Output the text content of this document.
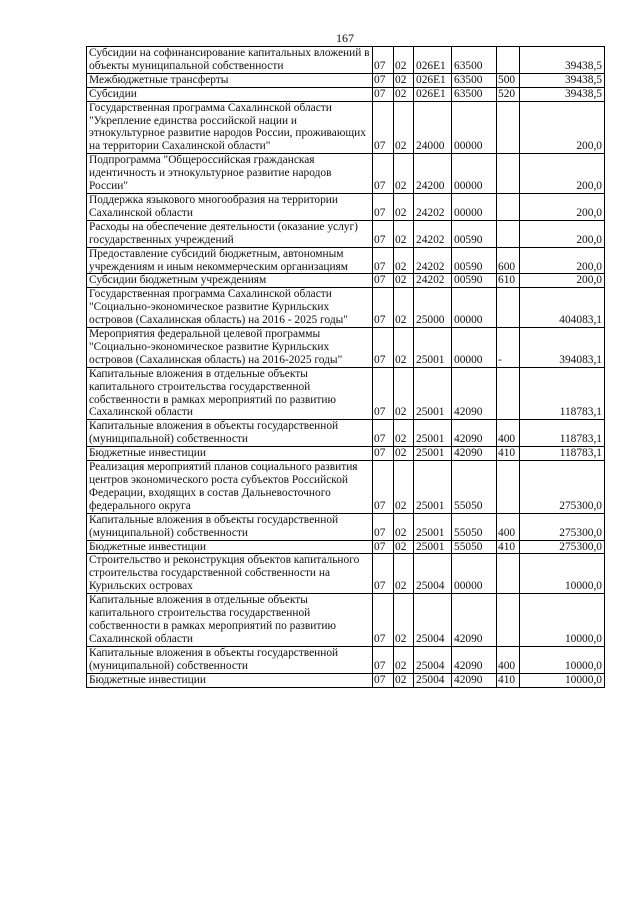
167
Субсидии на софинансирование капитальных вложений в объекты муниципальной собственности	07	02	026E1	63500		39438,5
Межбюджетные трансферты	07	02	026E1	63500	500	39438,5
Субсидии	07	02	026E1	63500	520	39438,5
Государственная программа Сахалинской области "Укрепление единства российской нации и этнокультурное развитие народов России, проживающих на территории Сахалинской области"	07	02	24000	00000		200,0
Подпрограмма "Общероссийская гражданская идентичность и этнокультурное развитие народов России"	07	02	24200	00000		200,0
Поддержка языкового многообразия на территории Сахалинской области	07	02	24202	00000		200,0
Расходы на обеспечение деятельности (оказание услуг) государственных учреждений	07	02	24202	00590		200,0
Предоставление субсидий бюджетным, автономным учреждениям и иным некоммерческим организациям	07	02	24202	00590	600	200,0
Субсидии бюджетным учреждениям	07	02	24202	00590	610	200,0
Государственная программа Сахалинской области "Социально-экономическое развитие Курильских островов (Сахалинская область) на 2016 - 2025 годы"	07	02	25000	00000		404083,1
Мероприятия федеральной целевой программы "Социально-экономическое развитие Курильских островов (Сахалинская область) на 2016-2025 годы"	07	02	25001	00000	-	394083,1
Капитальные вложения в отдельные объекты капитального строительства государственной собственности в рамках мероприятий по развитию Сахалинской области	07	02	25001	42090		118783,1
Капитальные вложения в объекты государственной (муниципальной) собственности	07	02	25001	42090	400	118783,1
Бюджетные инвестиции	07	02	25001	42090	410	118783,1
Реализация мероприятий планов социального развития центров экономического роста субъектов Российской Федерации, входящих в состав Дальневосточного федерального округа	07	02	25001	55050		275300,0
Капитальные вложения в объекты государственной (муниципальной) собственности	07	02	25001	55050	400	275300,0
Бюджетные инвестиции	07	02	25001	55050	410	275300,0
Строительство и реконструкция объектов капитального строительства государственной собственности на Курильских островах	07	02	25004	00000		10000,0
Капитальные вложения в отдельные объекты капитального строительства государственной собственности в рамках мероприятий по развитию Сахалинской области	07	02	25004	42090		10000,0
Капитальные вложения в объекты государственной (муниципальной) собственности	07	02	25004	42090	400	10000,0
Бюджетные инвестиции	07	02	25004	42090	410	10000,0
